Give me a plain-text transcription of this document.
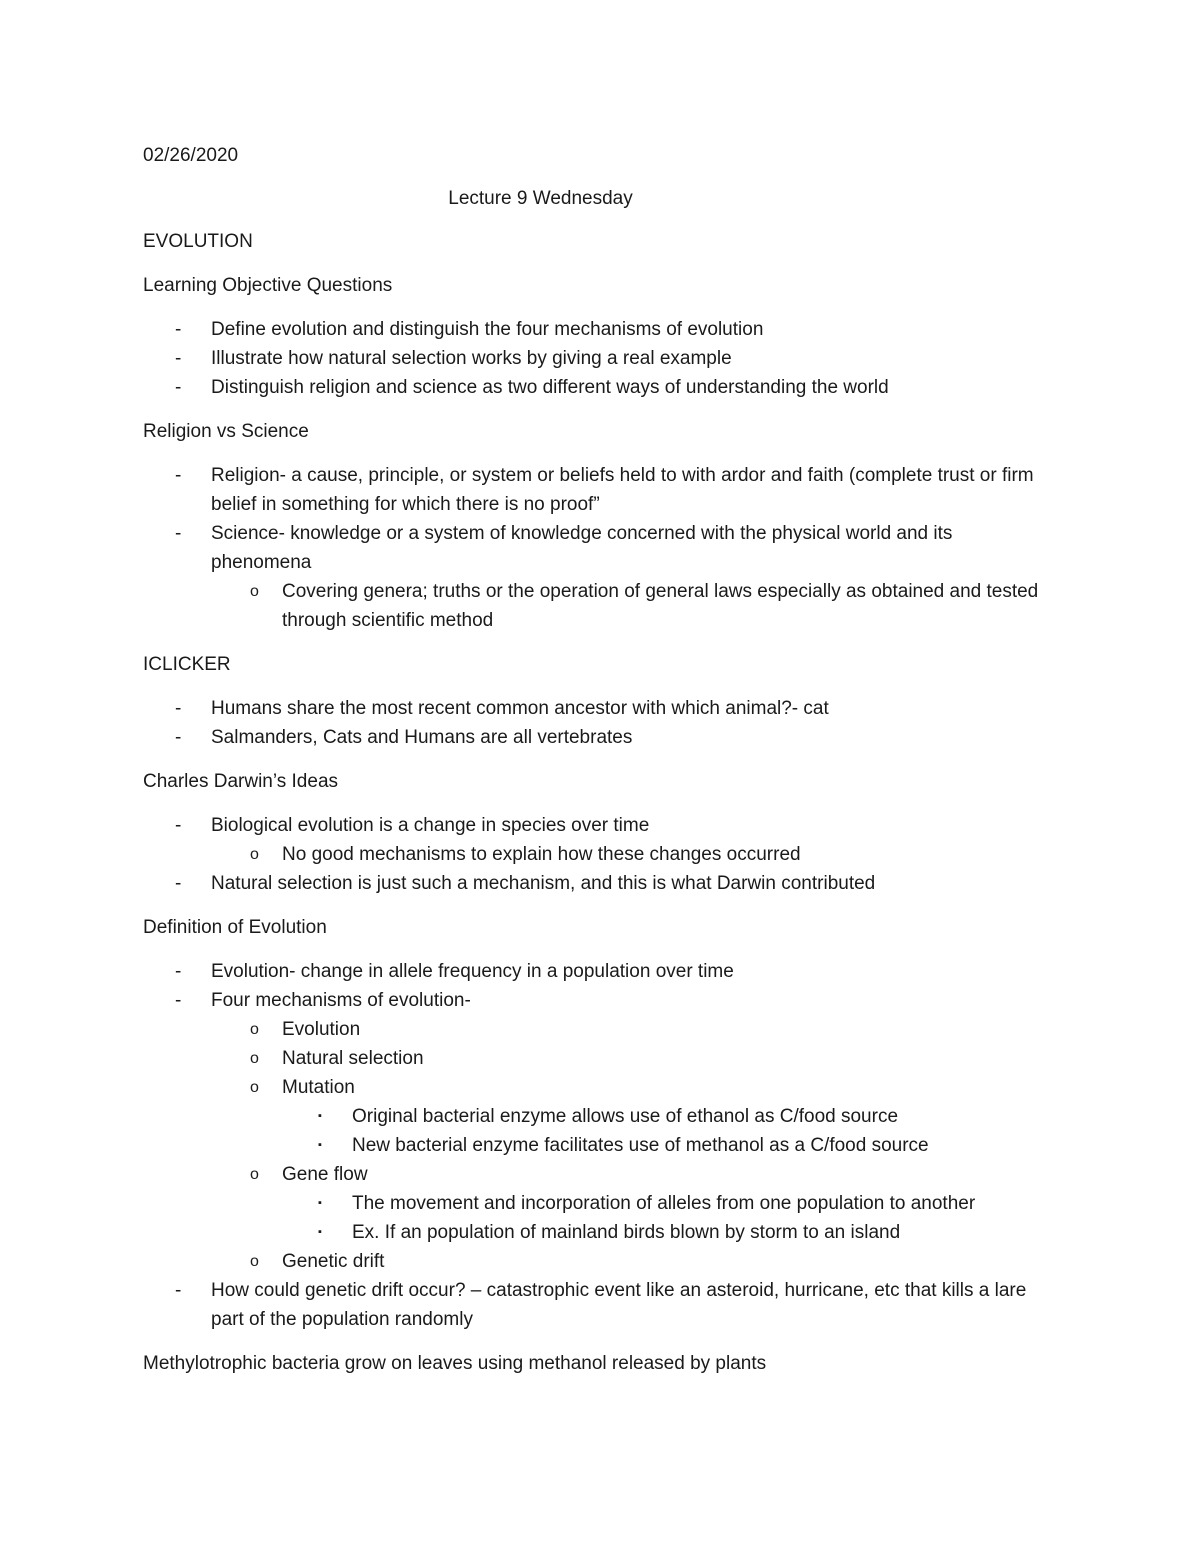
02/26/2020
Lecture 9 Wednesday
EVOLUTION
Learning Objective Questions
- Define evolution and distinguish the four mechanisms of evolution
- Illustrate how natural selection works by giving a real example
- Distinguish religion and science as two different ways of understanding the world
Religion vs Science
- Religion- a cause, principle, or system or beliefs held to with ardor and faith (complete trust or firm belief in something for which there is no proof”
- Science- knowledge or a system of knowledge concerned with the physical world and its phenomena
o Covering genera; truths or the operation of general laws especially as obtained and tested through scientific method
ICLICKER
- Humans share the most recent common ancestor with which animal?- cat
- Salmanders, Cats and Humans are all vertebrates
Charles Darwin’s Ideas
- Biological evolution is a change in species over time
o No good mechanisms to explain how these changes occurred
- Natural selection is just such a mechanism, and this is what Darwin contributed
Definition of Evolution
- Evolution- change in allele frequency in a population over time
- Four mechanisms of evolution-
o Evolution
o Natural selection
o Mutation
▪ Original bacterial enzyme allows use of ethanol as C/food source
▪ New bacterial enzyme facilitates use of methanol as a C/food source
o Gene flow
▪ The movement and incorporation of alleles from one population to another
▪ Ex. If an population of mainland birds blown by storm to an island
o Genetic drift
- How could genetic drift occur? – catastrophic event like an asteroid, hurricane, etc that kills a lare part of the population randomly
Methylotrophic bacteria grow on leaves using methanol released by plants
